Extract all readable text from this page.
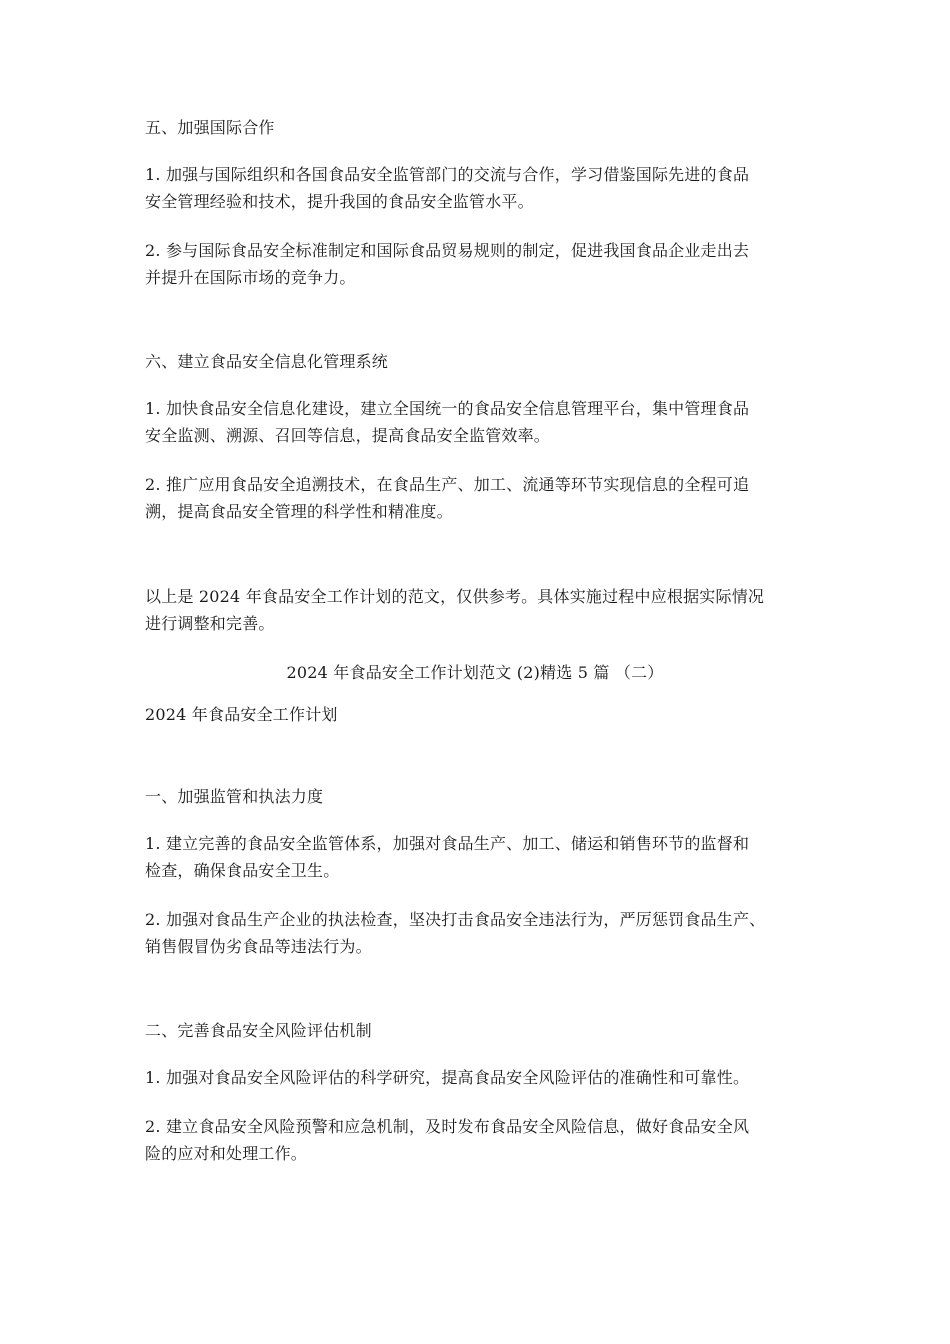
五、加强国际合作
1. 加强与国际组织和各国食品安全监管部门的交流与合作，学习借鉴国际先进的食品
安全管理经验和技术，提升我国的食品安全监管水平。
2. 参与国际食品安全标准制定和国际食品贸易规则的制定，促进我国食品企业走出去
并提升在国际市场的竞争力。
六、建立食品安全信息化管理系统
1. 加快食品安全信息化建设，建立全国统一的食品安全信息管理平台，集中管理食品
安全监测、溯源、召回等信息，提高食品安全监管效率。
2. 推广应用食品安全追溯技术，在食品生产、加工、流通等环节实现信息的全程可追
溯，提高食品安全管理的科学性和精准度。
以上是 2024 年食品安全工作计划的范文，仅供参考。具体实施过程中应根据实际情况
进行调整和完善。
2024 年食品安全工作计划范文 (2)精选 5 篇 （二）
2024 年食品安全工作计划
一、加强监管和执法力度
1. 建立完善的食品安全监管体系，加强对食品生产、加工、储运和销售环节的监督和
检查，确保食品安全卫生。
2. 加强对食品生产企业的执法检查，坚决打击食品安全违法行为，严厉惩罚食品生产、
销售假冒伪劣食品等违法行为。
二、完善食品安全风险评估机制
1. 加强对食品安全风险评估的科学研究，提高食品安全风险评估的准确性和可靠性。
2. 建立食品安全风险预警和应急机制，及时发布食品安全风险信息，做好食品安全风
险的应对和处理工作。
